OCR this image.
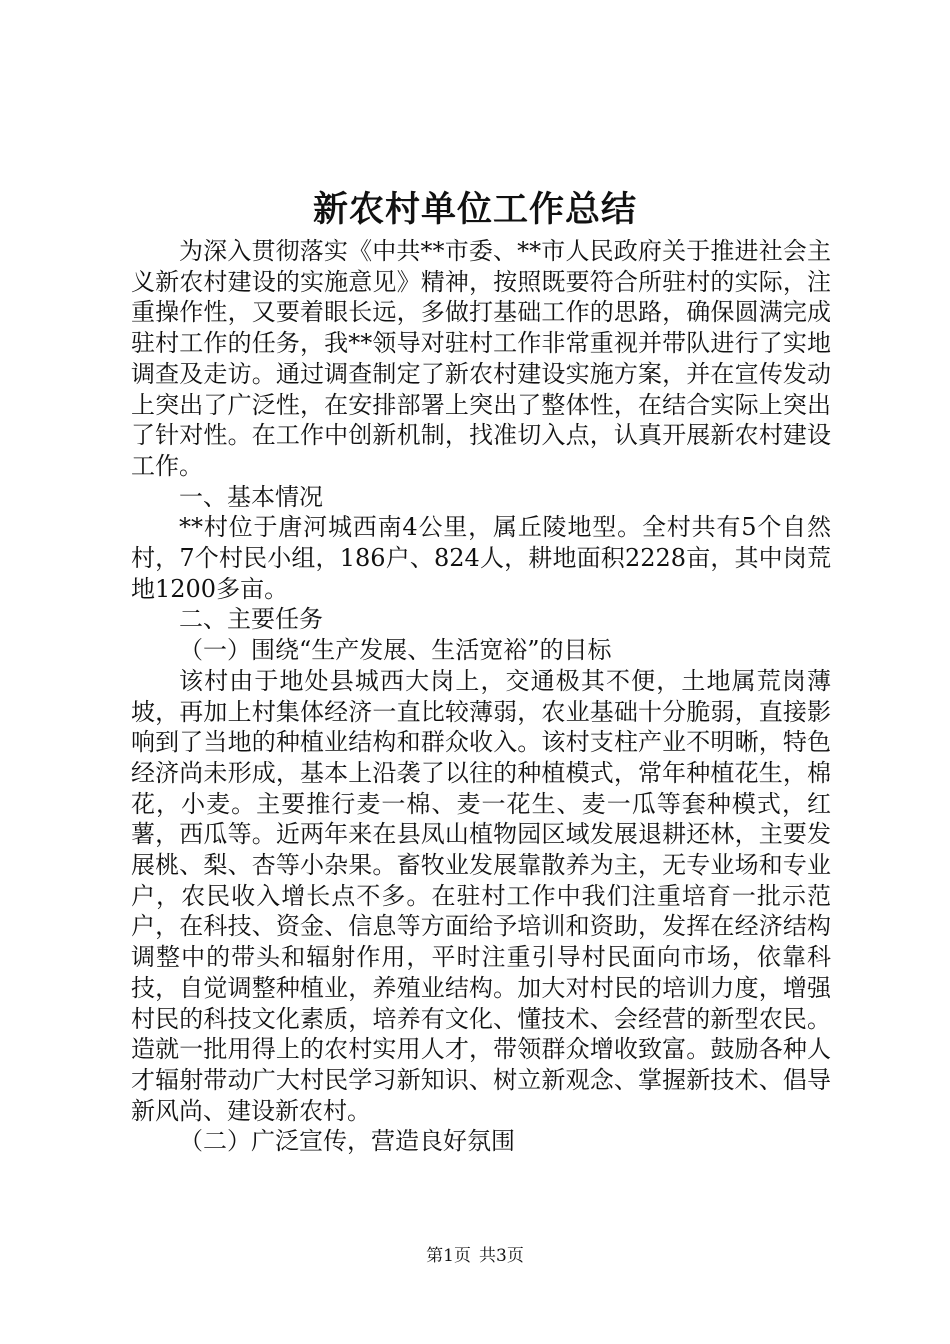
新农村单位工作总结

为深入贯彻落实《中共**市委、**市人民政府关于推进社会主义新农村建设的实施意见》精神，按照既要符合所驻村的实际，注重操作性，又要着眼长远，多做打基础工作的思路，确保圆满完成驻村工作的任务，我**领导对驻村工作非常重视并带队进行了实地调查及走访。通过调查制定了新农村建设实施方案，并在宣传发动上突出了广泛性，在安排部署上突出了整体性，在结合实际上突出了针对性。在工作中创新机制，找准切入点，认真开展新农村建设工作。

一、基本情况

**村位于唐河城西南4公里，属丘陵地型。全村共有5个自然村，7个村民小组，186户、824人，耕地面积2228亩，其中岗荒地1200多亩。

二、主要任务

（一）围绕“生产发展、生活宽裕”的目标

该村由于地处县城西大岗上，交通极其不便，土地属荒岗薄坡，再加上村集体经济一直比较薄弱，农业基础十分脆弱，直接影响到了当地的种植业结构和群众收入。该村支柱产业不明晰，特色经济尚未形成，基本上沿袭了以往的种植模式，常年种植花生，棉花，小麦。主要推行麦一棉、麦一花生、麦一瓜等套种模式，红薯，西瓜等。近两年来在县凤山植物园区域发展退耕还林，主要发展桃、梨、杏等小杂果。畜牧业发展靠散养为主，无专业场和专业户，农民收入增长点不多。在驻村工作中我们注重培育一批示范户，在科技、资金、信息等方面给予培训和资助，发挥在经济结构调整中的带头和辐射作用，平时注重引导村民面向市场，依靠科技，自觉调整种植业，养殖业结构。加大对村民的培训力度，增强村民的科技文化素质，培养有文化、懂技术、会经营的新型农民。造就一批用得上的农村实用人才，带领群众增收致富。鼓励各种人才辐射带动广大村民学习新知识、树立新观念、掌握新技术、倡导新风尚、建设新农村。

（二）广泛宣传，营造良好氛围

第1页 共3页
